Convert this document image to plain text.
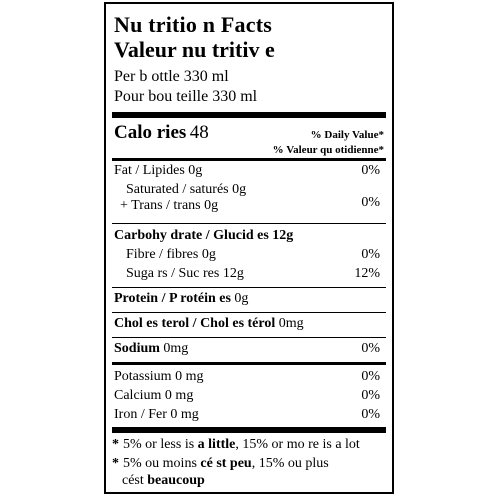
Nu tritio n Facts
Valeur nu tritiv e
Per b ottle 330 ml
Pour bou teille 330 ml
Calo ries 48	% Daily Value*
% Valeur qu otidienne*
Fat / Lipides 0g	0%
Saturated / saturés 0g
+ Trans / trans 0g	0%
Carbohy drate / Glucid es 12g
Fibre / fibres 0g	0%
Suga rs / Suc res 12g	12%
Protein / P rotéin es 0g
Chol es terol / Chol es térol 0mg
Sodium 0mg	0%
Potassium 0 mg	0%
Calcium 0 mg	0%
Iron / Fer 0 mg	0%
* 5% or less is a little, 15% or mo re is a lot
* 5% ou moins cé st peu, 15% ou plus
cést beaucoup
